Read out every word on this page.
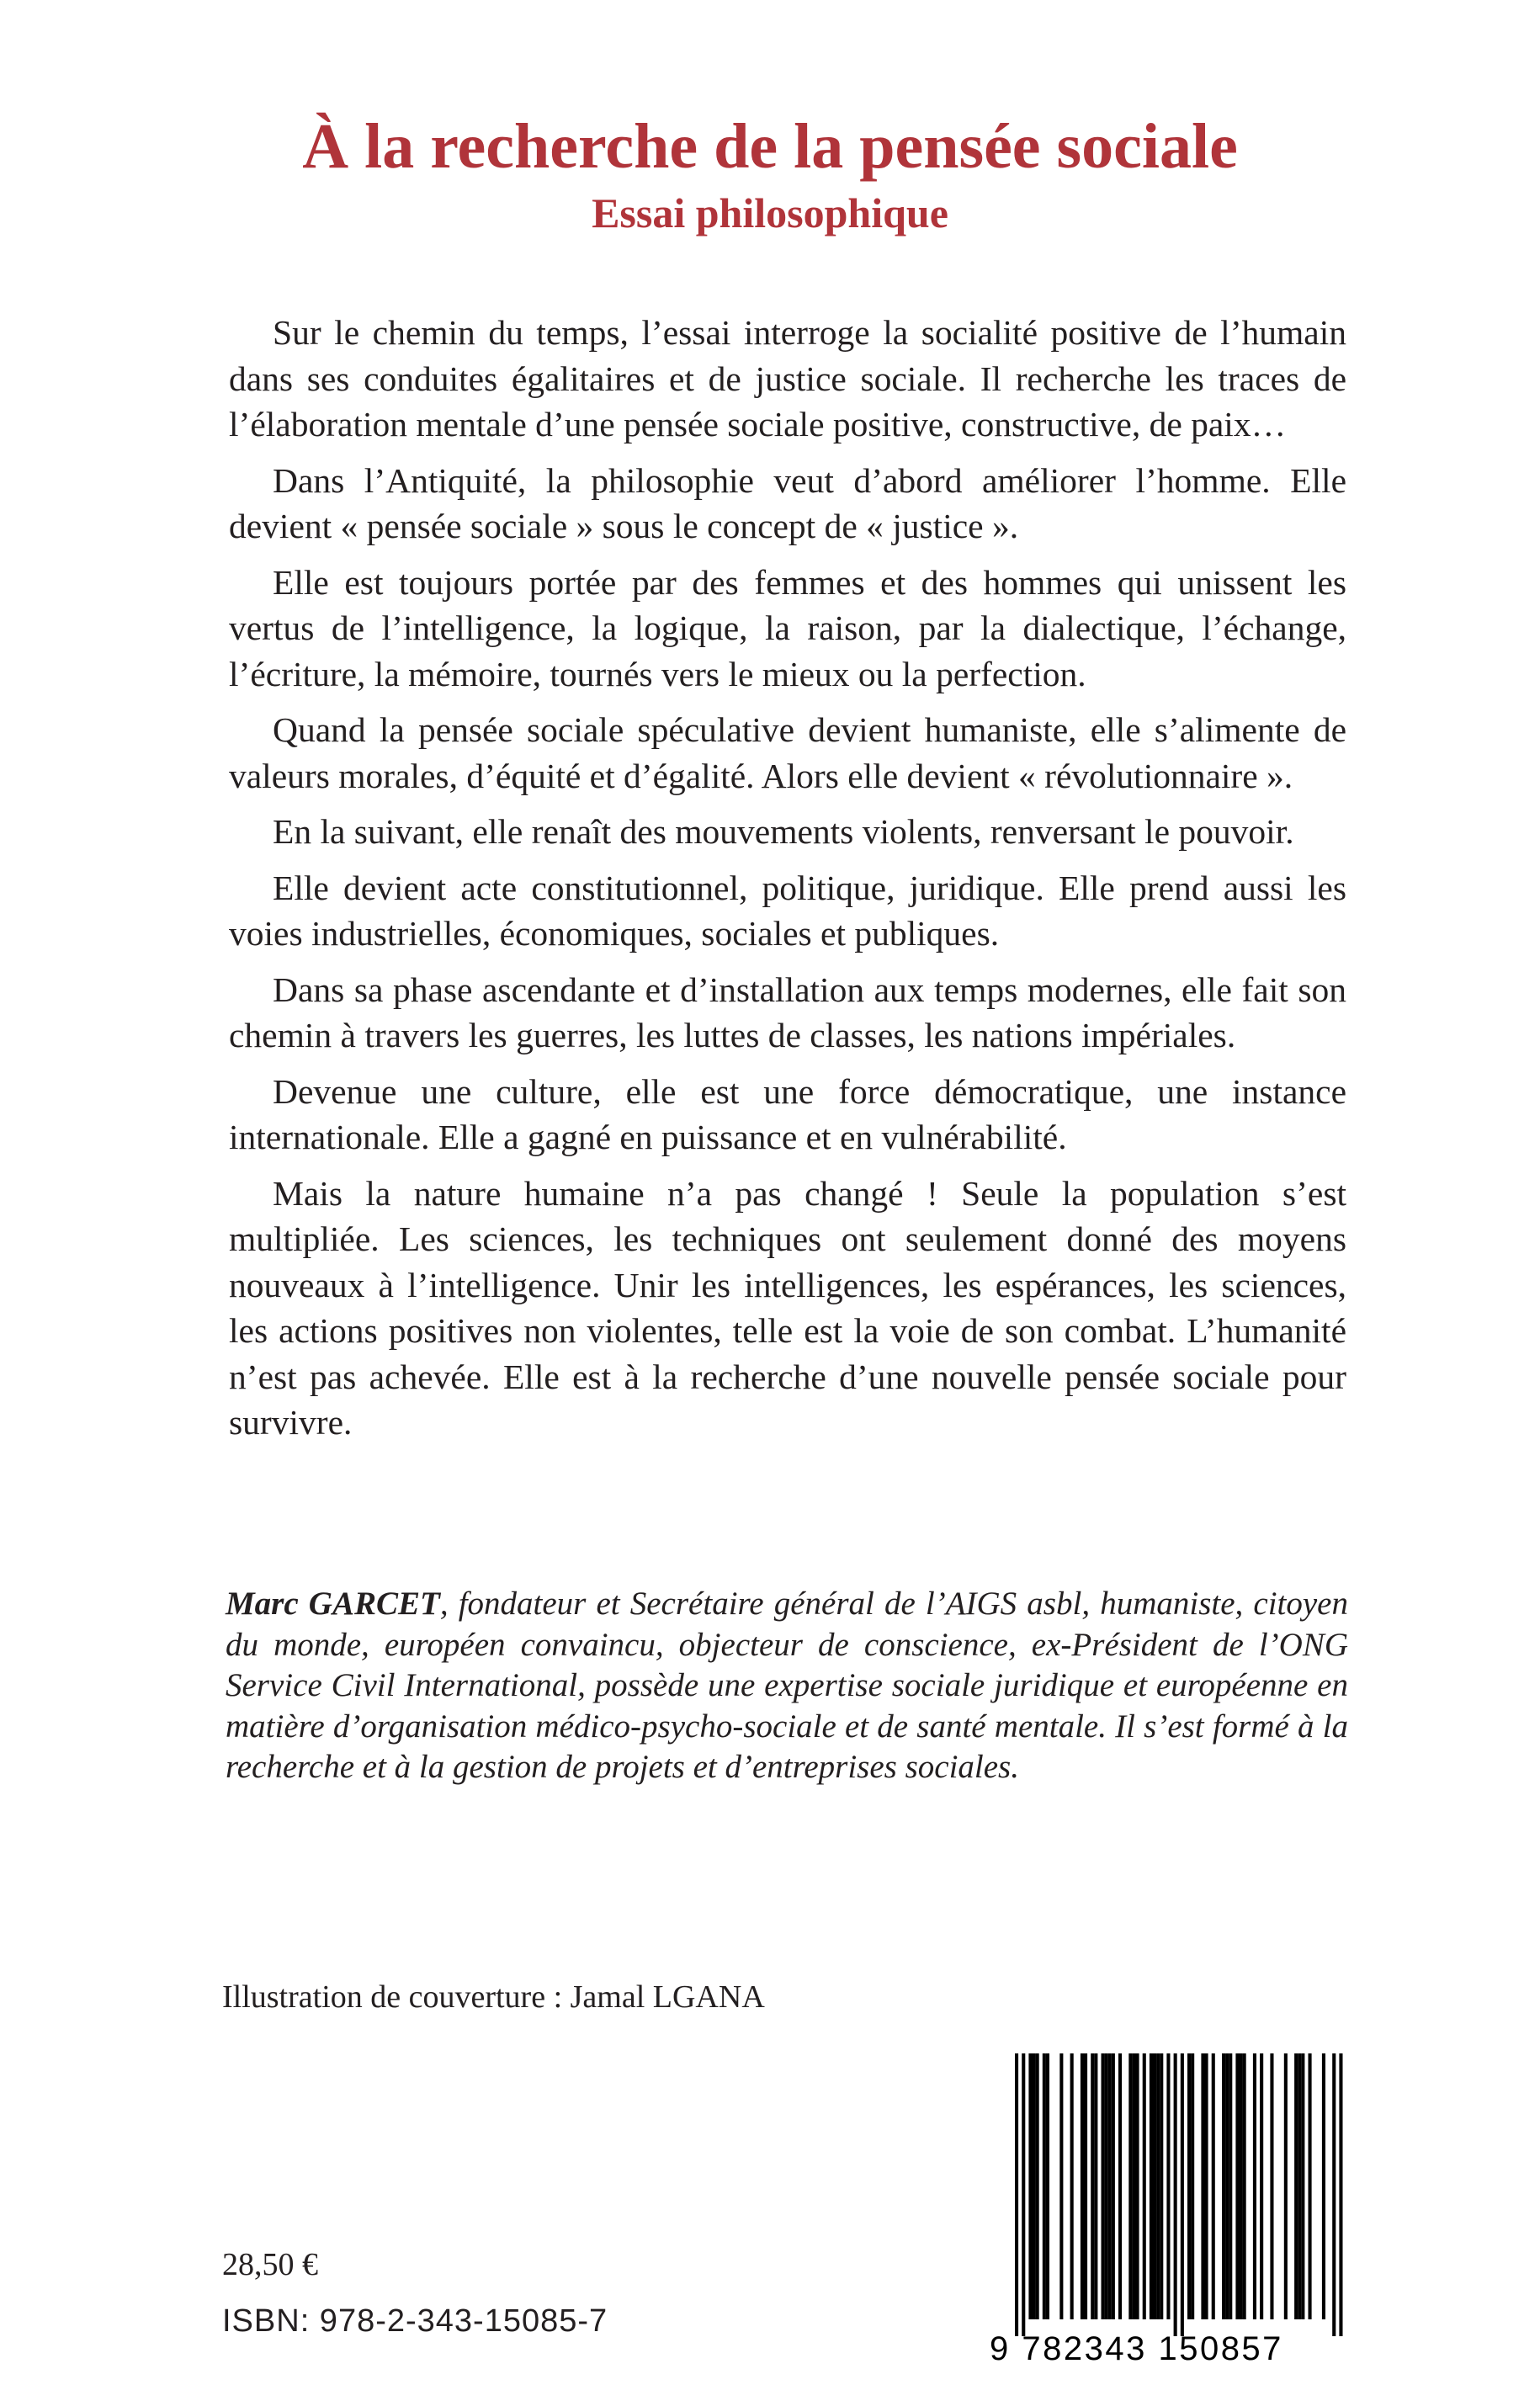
À la recherche de la pensée sociale
Essai philosophique

Sur le chemin du temps, l’essai interroge la socialité positive de l’humain dans ses conduites égalitaires et de justice sociale. Il recherche les traces de l’élaboration mentale d’une pensée sociale positive, constructive, de paix…

Dans l’Antiquité, la philosophie veut d’abord améliorer l’homme. Elle devient « pensée sociale » sous le concept de « justice ».

Elle est toujours portée par des femmes et des hommes qui unissent les vertus de l’intelligence, la logique, la raison, par la dialectique, l’échange, l’écriture, la mémoire, tournés vers le mieux ou la perfection.

Quand la pensée sociale spéculative devient humaniste, elle s’alimente de valeurs morales, d’équité et d’égalité. Alors elle devient « révolutionnaire ».

En la suivant, elle renaît des mouvements violents, renversant le pouvoir.

Elle devient acte constitutionnel, politique, juridique. Elle prend aussi les voies industrielles, économiques, sociales et publiques.

Dans sa phase ascendante et d’installation aux temps modernes, elle fait son chemin à travers les guerres, les luttes de classes, les nations impériales.

Devenue une culture, elle est une force démocratique, une instance internationale. Elle a gagné en puissance et en vulnérabilité.

Mais la nature humaine n’a pas changé ! Seule la population s’est multipliée. Les sciences, les techniques ont seulement donné des moyens nouveaux à l’intelligence. Unir les intelligences, les espérances, les sciences, les actions positives non violentes, telle est la voie de son combat. L’humanité n’est pas achevée. Elle est à la recherche d’une nouvelle pensée sociale pour survivre.

Marc GARCET, fondateur et Secrétaire général de l’AIGS asbl, humaniste, citoyen du monde, européen convaincu, objecteur de conscience, ex-Président de l’ONG Service Civil International, possède une expertise sociale juridique et européenne en matière d’organisation médico-psycho-sociale et de santé mentale. Il s’est formé à la recherche et à la gestion de projets et d’entreprises sociales.
Illustration de couverture : Jamal LGANA
28,50 €
ISBN: 978-2-343-15085-7
9 782343 150857
